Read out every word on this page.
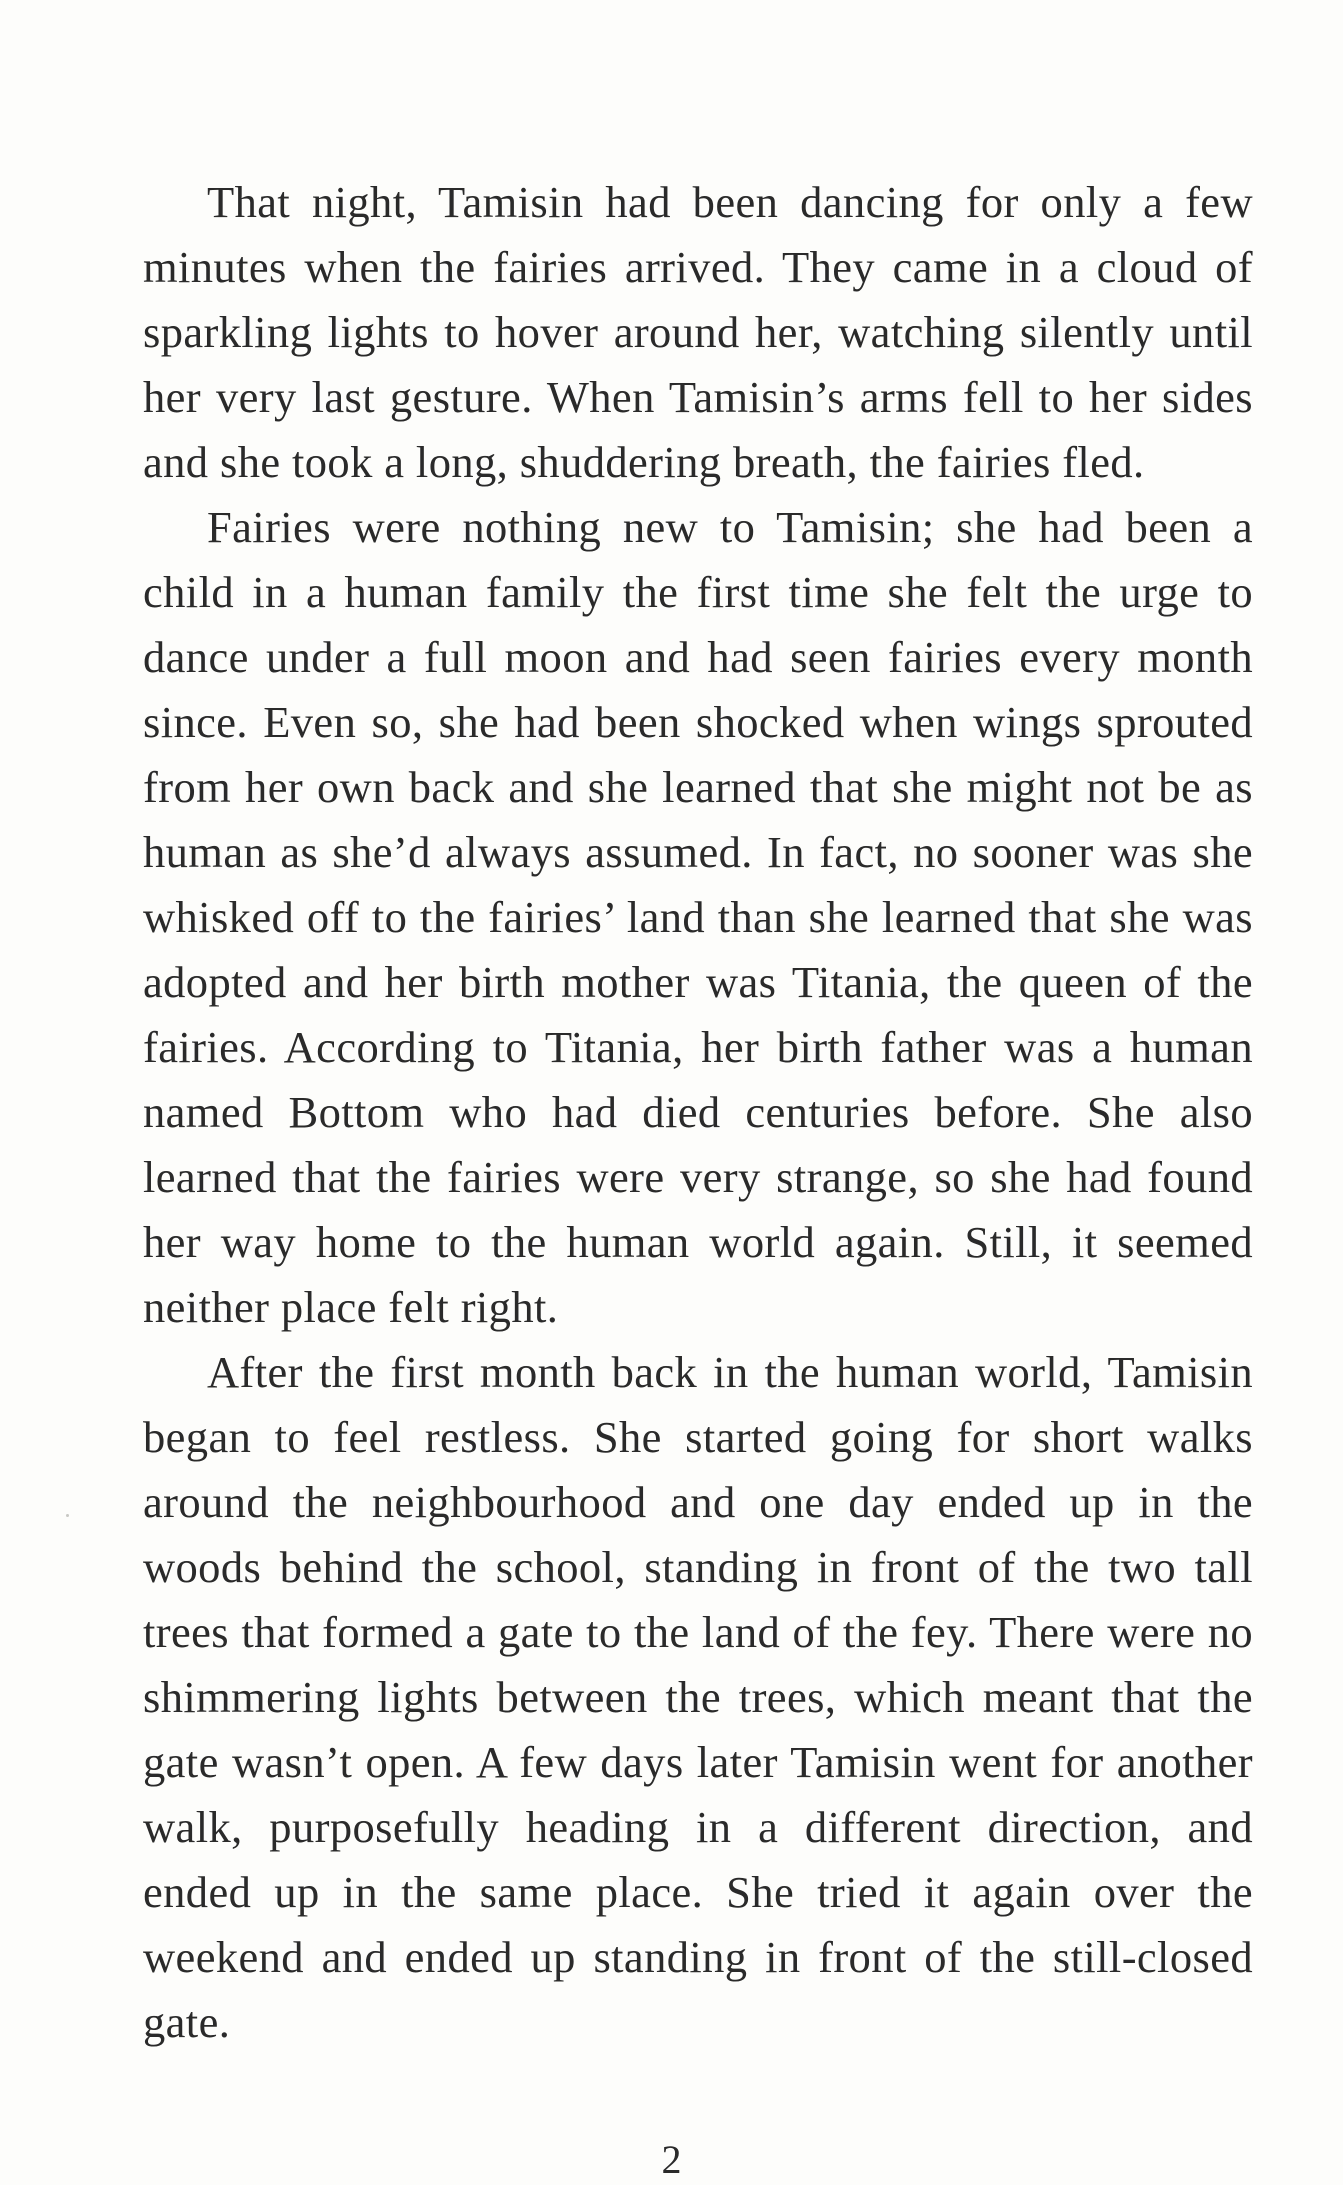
That night, Tamisin had been dancing for only a few minutes when the fairies arrived. They came in a cloud of sparkling lights to hover around her, watching silently until her very last gesture. When Tamisin’s arms fell to her sides and she took a long, shuddering breath, the fairies fled.

Fairies were nothing new to Tamisin; she had been a child in a human family the first time she felt the urge to dance under a full moon and had seen fairies every month since. Even so, she had been shocked when wings sprouted from her own back and she learned that she might not be as human as she’d always assumed. In fact, no sooner was she whisked off to the fairies’ land than she learned that she was adopted and her birth mother was Titania, the queen of the fairies. According to Titania, her birth father was a human named Bottom who had died centuries before. She also learned that the fairies were very strange, so she had found her way home to the human world again. Still, it seemed neither place felt right.

After the first month back in the human world, Tamisin began to feel restless. She started going for short walks around the neighbourhood and one day ended up in the woods behind the school, standing in front of the two tall trees that formed a gate to the land of the fey. There were no shimmering lights between the trees, which meant that the gate wasn’t open. A few days later Tamisin went for another walk, purposefully heading in a different direction, and ended up in the same place. She tried it again over the weekend and ended up standing in front of the still-closed gate.

2
